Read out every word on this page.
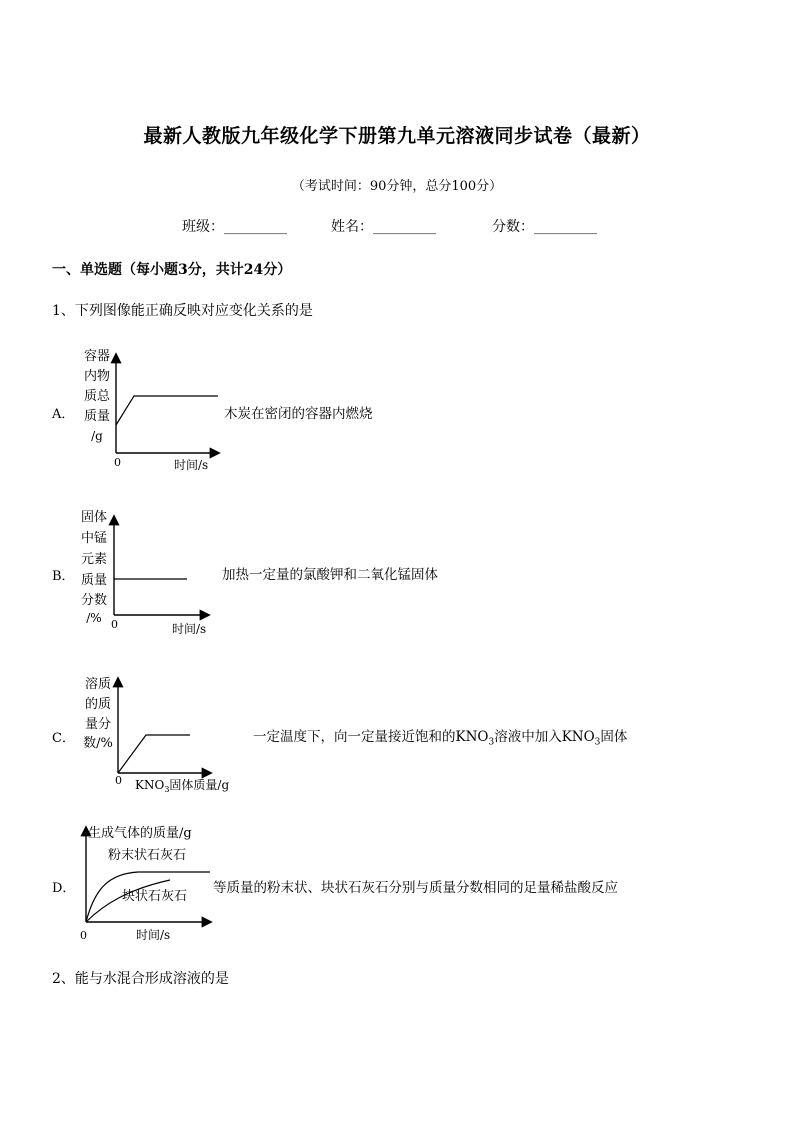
最新人教版九年级化学下册第九单元溶液同步试卷（最新）
（考试时间：90分钟，总分100分）
班级：_________	姓名：_________	分数：_________
一、单选题（每小题3分，共计24分）
1、下列图像能正确反映对应变化关系的是
A．
容器
内物
质总
质量
/g
0	时间/s
木炭在密闭的容器内燃烧
B．
固体
中锰
元素
质量
分数
/% 0	时间/s
加热一定量的氯酸钾和二氧化锰固体
C．
溶质
的质
量分
数/%
0 $KNO_3$固体质量/g
一定温度下，向一定量接近饱和的$KNO_3$溶液中加入$KNO_3$固体
D．
生成气体的质量/g
粉末状石灰石
块状石灰石
0	时间/s
等质量的粉末状、块状石灰石分别与质量分数相同的足量稀盐酸反应
2、能与水混合形成溶液的是
